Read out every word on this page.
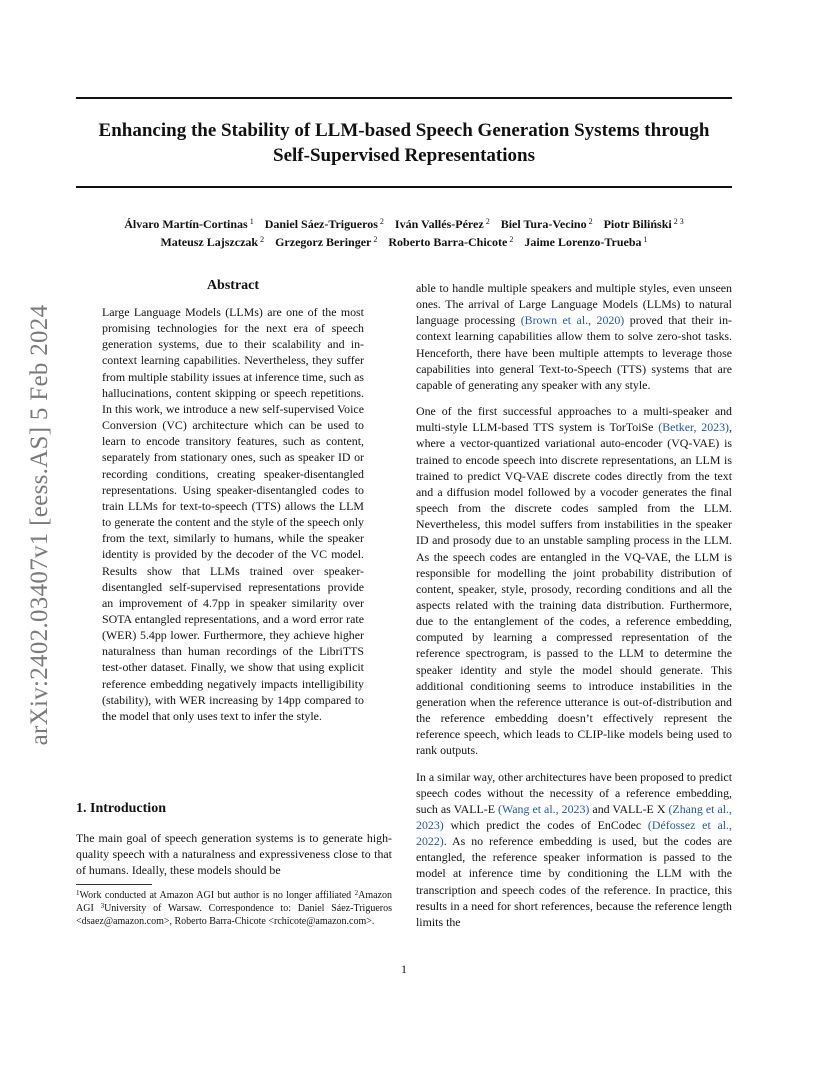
arXiv:2402.03407v1 [eess.AS] 5 Feb 2024
Enhancing the Stability of LLM-based Speech Generation Systems through
Self-Supervised Representations
Álvaro Martín-Cortinas $^1$ Daniel Sáez-Trigueros $^2$ Iván Vallés-Pérez $^2$ Biel Tura-Vecino $^2$ Piotr Biliński $^{2 3}$
Mateusz Lajszczak $^2$ Grzegorz Beringer $^2$ Roberto Barra-Chicote $^2$ Jaime Lorenzo-Trueba $^1$
Abstract

Large Language Models (LLMs) are one of the most promising technologies for the next era of speech generation systems, due to their scalability and in-context learning capabilities. Nevertheless, they suffer from multiple stability issues at inference time, such as hallucinations, content skipping or speech repetitions. In this work, we introduce a new self-supervised Voice Conversion (VC) architecture which can be used to learn to encode transitory features, such as content, separately from stationary ones, such as speaker ID or recording conditions, creating speaker-disentangled representations. Using speaker-disentangled codes to train LLMs for text-to-speech (TTS) allows the LLM to generate the content and the style of the speech only from the text, similarly to humans, while the speaker identity is provided by the decoder of the VC model. Results show that LLMs trained over speaker-disentangled self-supervised representations provide an improvement of 4.7pp in speaker similarity over SOTA entangled representations, and a word error rate (WER) 5.4pp lower. Furthermore, they achieve higher naturalness than human recordings of the LibriTTS test-other dataset. Finally, we show that using explicit reference embedding negatively impacts intelligibility (stability), with WER increasing by 14pp compared to the model that only uses text to infer the style.

1. Introduction

The main goal of speech generation systems is to generate high-quality speech with a naturalness and expressiveness close to that of humans. Ideally, these models should be

$^1$Work conducted at Amazon AGI but author is no longer affiliated $^2$Amazon AGI $^3$University of Warsaw. Correspondence to: Daniel Sáez-Trigueros <dsaez@amazon.com>, Roberto Barra-Chicote <rchicote@amazon.com>.

able to handle multiple speakers and multiple styles, even unseen ones. The arrival of Large Language Models (LLMs) to natural language processing (Brown et al., 2020) proved that their in-context learning capabilities allow them to solve zero-shot tasks. Henceforth, there have been multiple attempts to leverage those capabilities into general Text-to-Speech (TTS) systems that are capable of generating any speaker with any style.

One of the first successful approaches to a multi-speaker and multi-style LLM-based TTS system is TorToiSe (Betker, 2023), where a vector-quantized variational auto-encoder (VQ-VAE) is trained to encode speech into discrete representations, an LLM is trained to predict VQ-VAE discrete codes directly from the text and a diffusion model followed by a vocoder generates the final speech from the discrete codes sampled from the LLM. Nevertheless, this model suffers from instabilities in the speaker ID and prosody due to an unstable sampling process in the LLM. As the speech codes are entangled in the VQ-VAE, the LLM is responsible for modelling the joint probability distribution of content, speaker, style, prosody, recording conditions and all the aspects related with the training data distribution. Furthermore, due to the entanglement of the codes, a reference embedding, computed by learning a compressed representation of the reference spectrogram, is passed to the LLM to determine the speaker identity and style the model should generate. This additional conditioning seems to introduce instabilities in the generation when the reference utterance is out-of-distribution and the reference embedding doesn’t effectively represent the reference speech, which leads to CLIP-like models being used to rank outputs.

In a similar way, other architectures have been proposed to predict speech codes without the necessity of a reference embedding, such as VALL-E (Wang et al., 2023) and VALL-E X (Zhang et al., 2023) which predict the codes of EnCodec (Défossez et al., 2022). As no reference embedding is used, but the codes are entangled, the reference speaker information is passed to the model at inference time by conditioning the LLM with the transcription and speech codes of the reference. In practice, this results in a need for short references, because the reference length limits the

1
